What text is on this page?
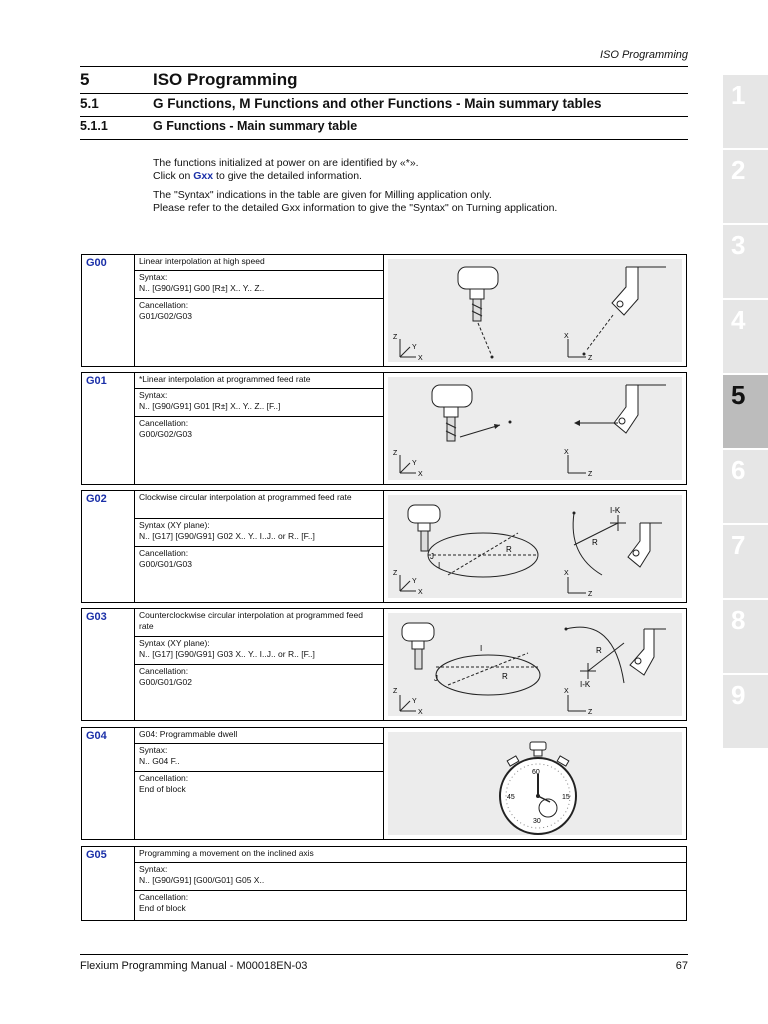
ISO Programming
5	ISO Programming
5.1	G Functions, M Functions and other Functions - Main summary tables
5.1.1	G Functions - Main summary table

The functions initialized at power on are identified by «*».

Click on Gxx to give the detailed information.

The "Syntax" indications in the table are given for Milling application only.

Please refer to the detailed Gxx information to give the "Syntax" on Turning application.

1
2
3
4
5
6
7
8
9
G00	Linear interpolation at high speed
Syntax:
N.. [G90/G91] G00 [R±] X.. Y.. Z..
Cancellation:
G01/G02/G03
Z
Y
X
X
Z
G01	*Linear interpolation at programmed feed rate
Syntax:
N.. [G90/G91] G01 [R±] X.. Y.. Z.. [F..]
Cancellation:
G00/G02/G03
Z
Y
X
X
Z
G02	Clockwise circular interpolation at programmed feed rate
Syntax (XY plane):
N.. [G17] [G90/G91] G02 X.. Y.. I..J.. or R.. [F..]
Cancellation:
G00/G01/G03
R
I
J
R
I-K
Z
Y
X
X
Z
G03	Counterclockwise circular interpolation at programmed feed rate
Syntax (XY plane):
N.. [G17] [G90/G91] G03 X.. Y.. I..J.. or R.. [F..]
Cancellation:
G00/G01/G02
I
J	R
R
I-K
Z
Y
X
X
Z
G04	G04: Programmable dwell
Syntax:
N.. G04 F..
Cancellation:
End of block
60
15
30
45
G05	Programming a movement on the inclined axis
Syntax:
N.. [G90/G91] [G00/G01] G05 X..
Cancellation:
End of block
Flexium Programming Manual - M00018EN-03	67
